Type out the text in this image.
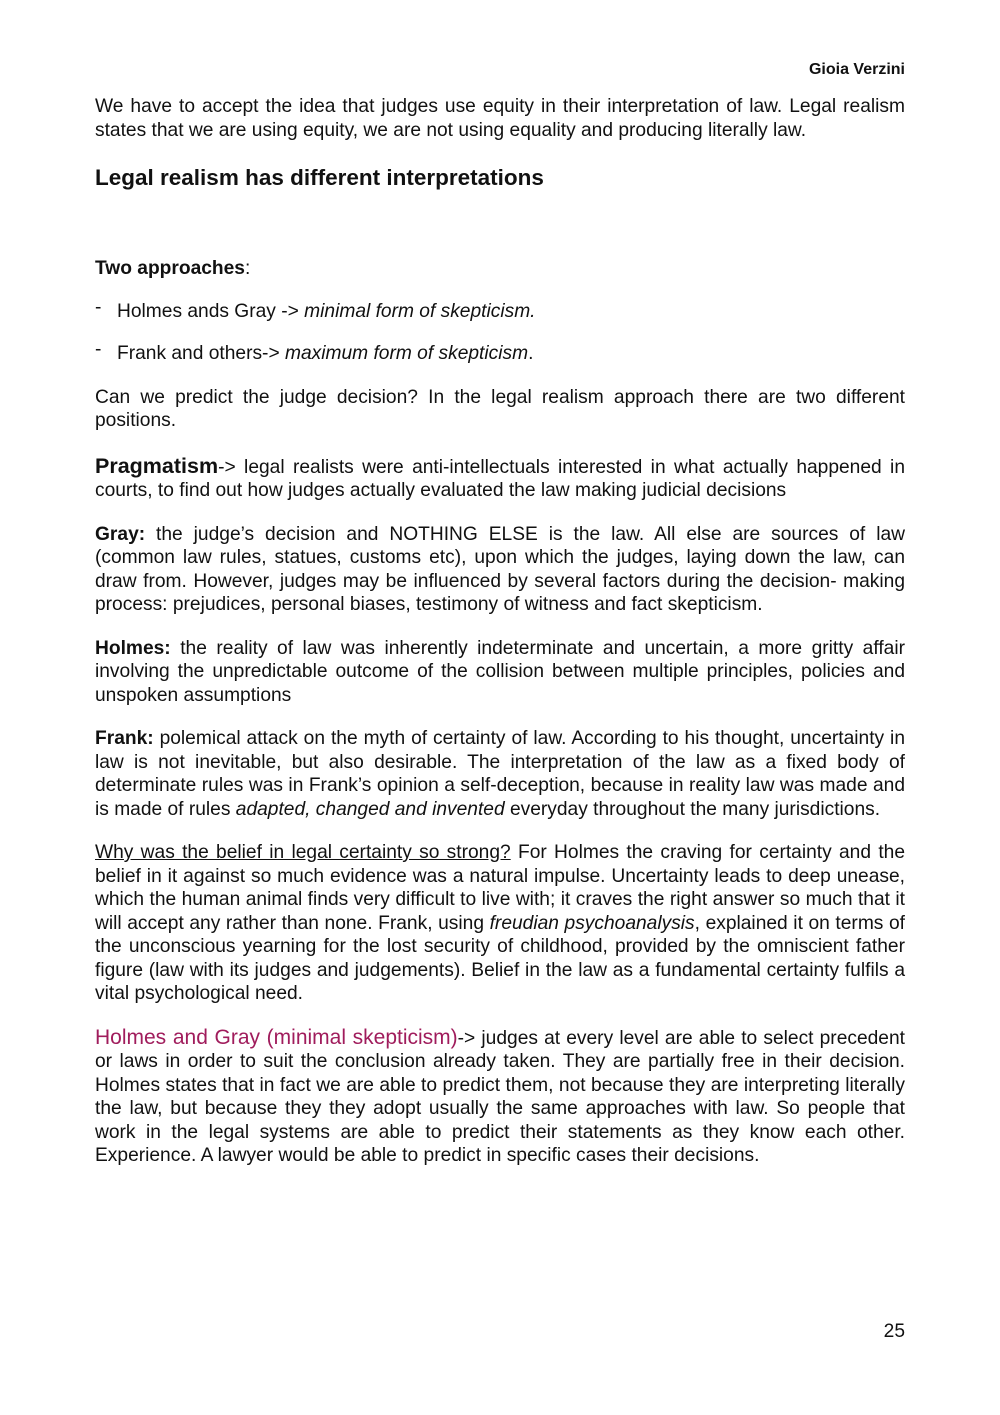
Gioia Verzini

We have to accept the idea that judges use equity in their interpretation of law. Legal realism states that we are using equity, we are not using equality and producing literally law.

Legal realism has different interpretations

Two approaches:

- Holmes ands Gray -> minimal form of skepticism.
- Frank and others-> maximum form of skepticism.

Can we predict the judge decision? In the legal realism approach there are two different positions.

Pragmatism-> legal realists were anti-intellectuals interested in what actually happened in courts, to find out how judges actually evaluated the law making judicial decisions

Gray: the judge’s decision and NOTHING ELSE is the law. All else are sources of law (common law rules, statues, customs etc), upon which the judges, laying down the law, can draw from. However, judges may be influenced by several factors during the decision- making process: prejudices, personal biases, testimony of witness and fact skepticism.

Holmes: the reality of law was inherently indeterminate and uncertain, a more gritty affair involving the unpredictable outcome of the collision between multiple principles, policies and unspoken assumptions

Frank: polemical attack on the myth of certainty of law. According to his thought, uncertainty in law is not inevitable, but also desirable. The interpretation of the law as a fixed body of determinate rules was in Frank’s opinion a self-deception, because in reality law was made and is made of rules adapted, changed and invented everyday throughout the many jurisdictions.

Why was the belief in legal certainty so strong? For Holmes the craving for certainty and the belief in it against so much evidence was a natural impulse. Uncertainty leads to deep unease, which the human animal finds very difficult to live with; it craves the right answer so much that it will accept any rather than none. Frank, using freudian psychoanalysis, explained it on terms of the unconscious yearning for the lost security of childhood, provided by the omniscient father figure (law with its judges and judgements). Belief in the law as a fundamental certainty fulfils a vital psychological need.

Holmes and Gray (minimal skepticism)-> judges at every level are able to select precedent or laws in order to suit the conclusion already taken. They are partially free in their decision. Holmes states that in fact we are able to predict them, not because they are interpreting literally the law, but because they they adopt usually the same approaches with law. So people that work in the legal systems are able to predict their statements as they know each other. Experience. A lawyer would be able to predict in specific cases their decisions.

25
